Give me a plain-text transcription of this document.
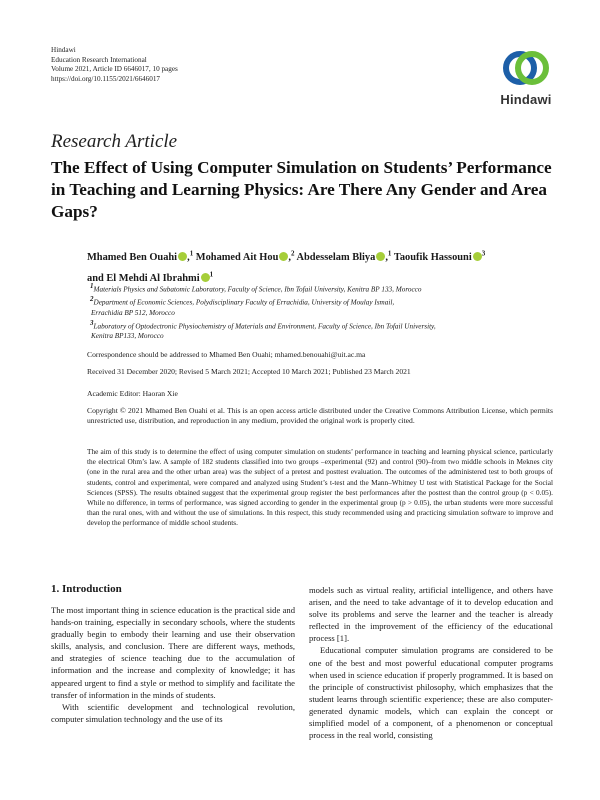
Hindawi
Education Research International
Volume 2021, Article ID 6646017, 10 pages
https://doi.org/10.1155/2021/6646017
Hindawi
Research Article
The Effect of Using Computer Simulation on Students’ Performance in Teaching and Learning Physics: Are There Any Gender and Area Gaps?
Mhamed Ben Ouahi ,$^1$ Mohamed Ait Hou ,$^2$ Abdesselam Bliya ,$^1$ Taoufik Hassouni $^3$
and El Mehdi Al Ibrahmi $^1$
$^1$Materials Physics and Subatomic Laboratory, Faculty of Science, Ibn Tofail University, Kenitra BP 133, Morocco
$^2$Department of Economic Sciences, Polydisciplinary Faculty of Errachidia, University of Moulay Ismail,
Errachidia BP 512, Morocco
$^3$Laboratory of Optodectronic Physiochemistry of Materials and Environment, Faculty of Science, Ibn Tofail University,
Kenitra BP133, Morocco
Correspondence should be addressed to Mhamed Ben Ouahi; mhamed.benouahi@uit.ac.ma
Received 31 December 2020; Revised 5 March 2021; Accepted 10 March 2021; Published 23 March 2021
Academic Editor: Haoran Xie
Copyright © 2021 Mhamed Ben Ouahi et al. This is an open access article distributed under the Creative Commons Attribution License, which permits unrestricted use, distribution, and reproduction in any medium, provided the original work is properly cited.
The aim of this study is to determine the effect of using computer simulation on students’ performance in teaching and learning physical science, particularly the electrical Ohm’s law. A sample of 182 students classified into two groups –experimental (92) and control (90)–from two middle schools in Meknes city (one in the rural area and the other urban area) was the subject of a pretest and posttest evaluation. The outcomes of the administered test to both groups of students, control and experimental, were compared and analyzed using Student’s t-test and the Mann–Whitney U test with Statistical Package for the Social Sciences (SPSS). The results obtained suggest that the experimental group register the best performances after the posttest than the control group (p < 0.05). While no difference, in terms of performance, was signed according to gender in the experimental group (p > 0.05), the urban students were more successful than the rural ones, with and without the use of simulations. In this respect, this study recommended using and practicing simulation software to improve and develop the performance of middle school students.
1. Introduction

The most important thing in science education is the practical side and hands-on training, especially in secondary schools, where the students gradually begin to embody their learning and use their observation skills, analysis, and conclusion. There are different ways, methods, and strategies of science teaching due to the accumulation of information and the increase and complexity of knowledge; it has appeared urgent to find a style or method to simplify and facilitate the transfer of information in the minds of students.

With scientific development and technological revolution, computer simulation technology and the use of its

models such as virtual reality, artificial intelligence, and others have arisen, and the need to take advantage of it to develop education and solve its problems and serve the learner and the teacher is already reflected in the improvement of the efficiency of the educational process [1].

Educational computer simulation programs are considered to be one of the best and most powerful educational computer programs when used in science education if properly programmed. It is based on the principle of constructivist philosophy, which emphasizes that the student learns through scientific experience; these are also computer-generated dynamic models, which can explain the concept or simplified model of a component, of a phenomenon or conceptual process in the real world, consisting
